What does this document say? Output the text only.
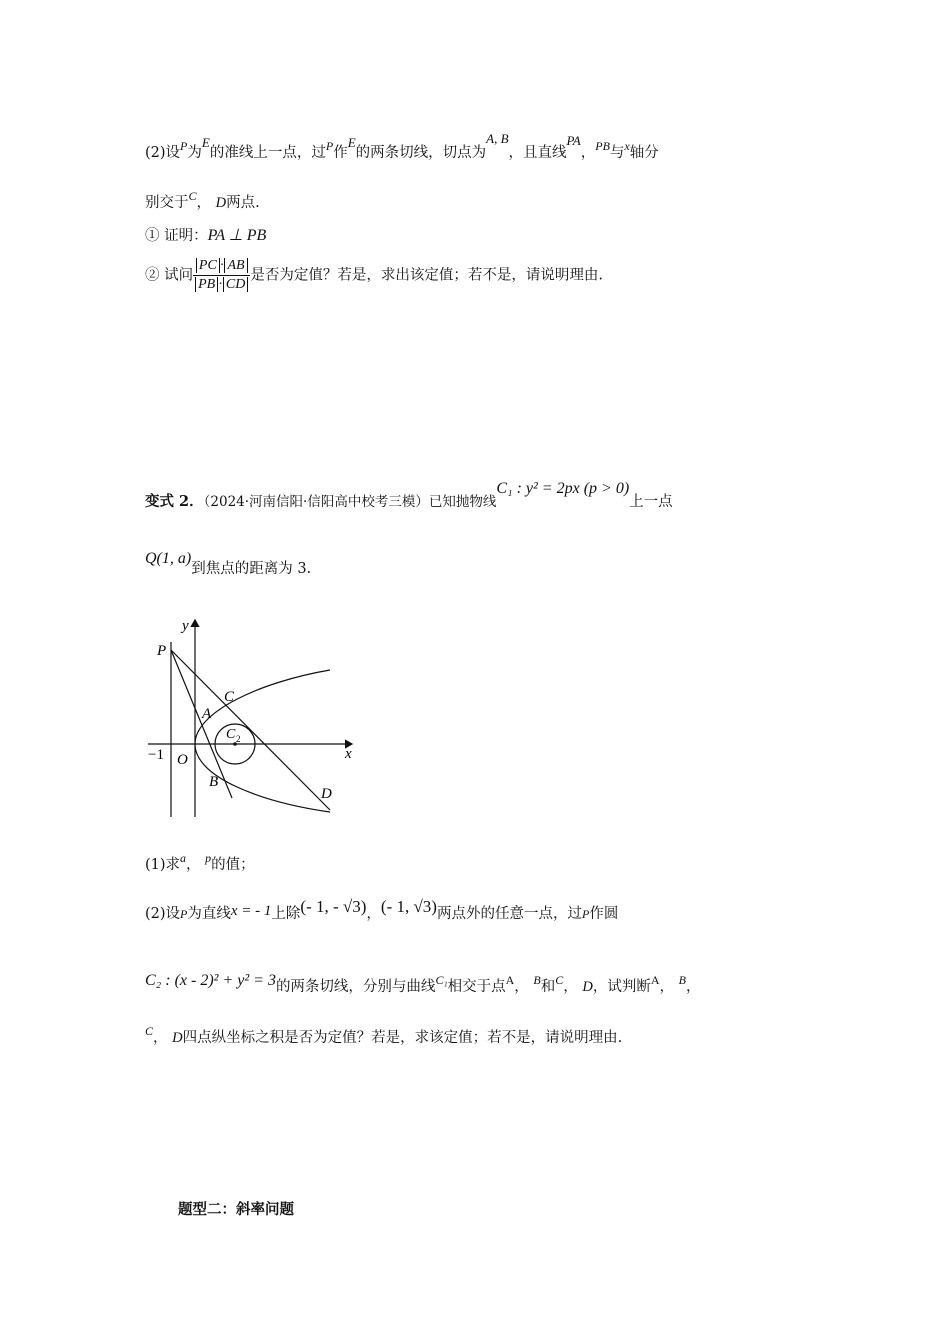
(2)设$^P$为E的准线上一点，过$^P$作E的两条切线，切点为A, B，且直线PA，$^{PB}$与$^x$轴分
别交于$^C$， D两点.
① 证明：PA ⊥ PB
② 试问 $\frac{PC \cdot AB}{PB \cdot CD}$ 是否为定值？若是，求出该定值；若不是，请说明理由.
变式 2．（2024·河南信阳·信阳高中校考三模）已知抛物线C₁ : y² = 2px (p > 0)上一点
Q(1, a)到焦点的距离为 3.
y
x
O
−1
P
A
B
C
D
C 2
(1)求$^a$， $^p$的值；
(2)设P为直线x = - 1上除(- 1, - √3)，(- 1, √3)两点外的任意一点，过P作圆
C₂ : (x - 2)² + y² = 3的两条切线，分别与曲线$^{C_1}$相交于点$^A$， $^B$和$^C$， D，试判断$^A$， $^B$，
$^C$， D四点纵坐标之积是否为定值？若是，求该定值；若不是，请说明理由.
题型二：斜率问题
